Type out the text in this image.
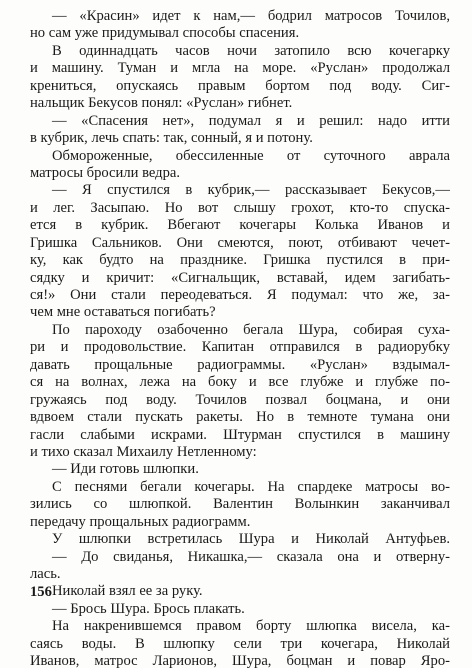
— «Красин» идет к нам,— бодрил матросов Точилов,
но сам уже придумывал способы спасения.
В одиннадцать часов ночи затопило всю кочегарку
и машину. Туман и мгла на море. «Руслан» продолжал
крениться, опускаясь правым бортом под воду. Сиг-
нальщик Бекусов понял: «Руслан» гибнет.
— «Спасения нет», подумал я и решил: надо итти
в кубрик, лечь спать: так, сонный, я и потону.
Обмороженные, обессиленные от суточного аврала
матросы бросили ведра.
— Я спустился в кубрик,— рассказывает Бекусов,—
и лег. Засыпаю. Но вот слышу грохот, кто-то спуска-
ется в кубрик. Вбегают кочегары Колька Иванов и
Гришка Сальников. Они смеются, поют, отбивают чечет-
ку, как будто на празднике. Гришка пустился в при-
сядку и кричит: «Сигнальщик, вставай, идем загибать-
ся!» Они стали переодеваться. Я подумал: что же, за-
чем мне оставаться погибать?
По пароходу озабоченно бегала Шура, собирая суха-
ри и продовольствие. Капитан отправился в радиорубку
давать прощальные радиограммы. «Руслан» вздымал-
ся на волнах, лежа на боку и все глубже и глубже по-
гружаясь под воду. Точилов позвал боцмана, и они
вдвоем стали пускать ракеты. Но в темноте тумана они
гасли слабыми искрами. Штурман спустился в машину
и тихо сказал Михаилу Нетленному:
— Иди готовь шлюпки.
С песнями бегали кочегары. На спардеке матросы во-
зились со шлюпкой. Валентин Волынкин заканчивал
передачу прощальных радиограмм.
У шлюпки встретилась Шура и Николай Антуфьев.
— До свиданья, Никашка,— сказала она и отверну-
лась.
Николай взял ее за руку.
— Брось Шура. Брось плакать.
На накренившемся правом борту шлюпка висела, ка-
саясь воды. В шлюпку сели три кочегара, Николай
Иванов, матрос Ларионов, Шура, боцман и повар Яро-
156
